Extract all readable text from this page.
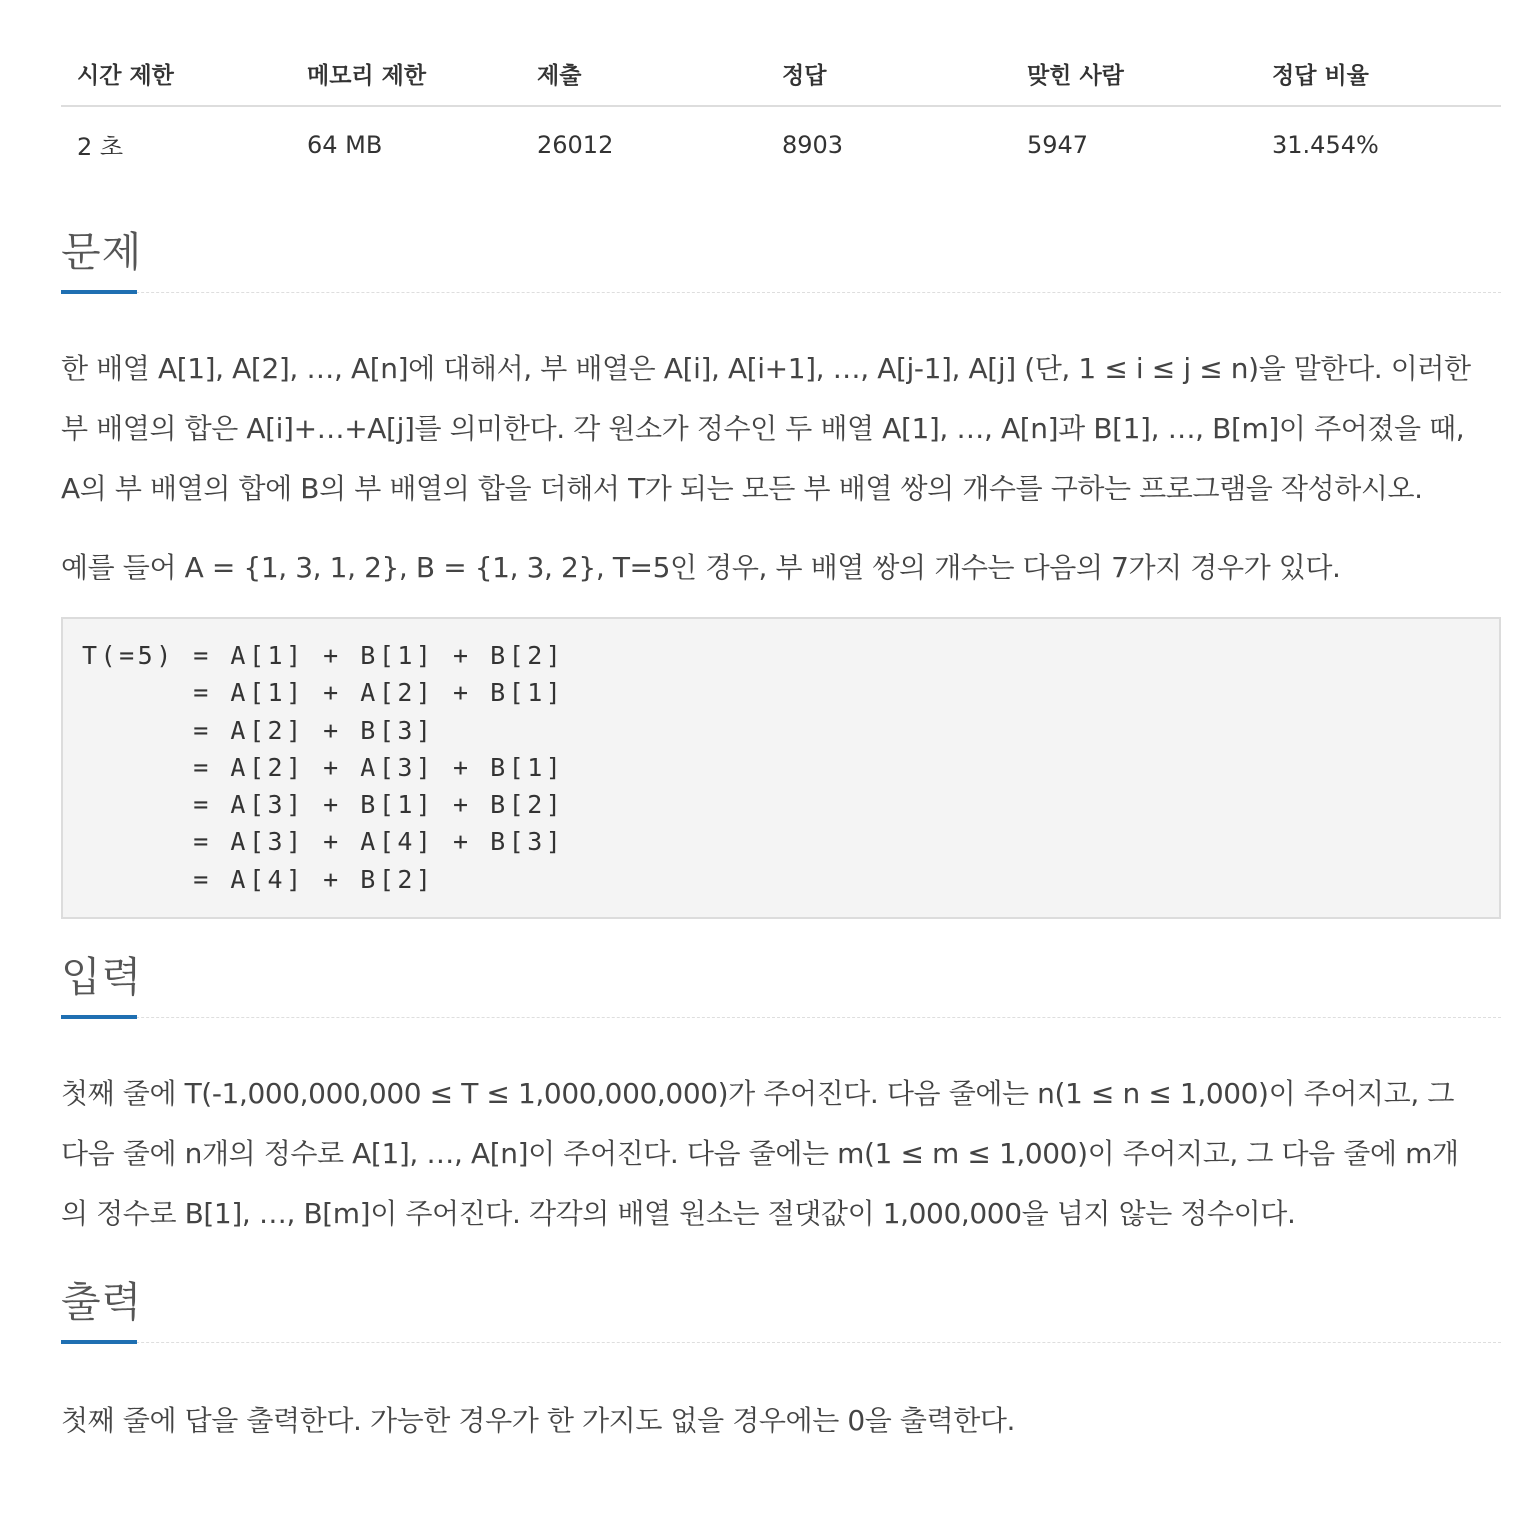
시간 제한	메모리 제한	제출	정답	맞힌 사람	정답 비율
2 초	64 MB	26012	8903	5947	31.454%
문제

한 배열 A[1], A[2], …, A[n]에 대해서, 부 배열은 A[i], A[i+1], …, A[j-1], A[j] (단, 1 ≤ i ≤ j ≤ n)을 말한다. 이러한
부 배열의 합은 A[i]+…+A[j]를 의미한다. 각 원소가 정수인 두 배열 A[1], …, A[n]과 B[1], …, B[m]이 주어졌을 때,
A의 부 배열의 합에 B의 부 배열의 합을 더해서 T가 되는 모든 부 배열 쌍의 개수를 구하는 프로그램을 작성하시오.

예를 들어 A = {1, 3, 1, 2}, B = {1, 3, 2}, T=5인 경우, 부 배열 쌍의 개수는 다음의 7가지 경우가 있다.

T(=5) = A[1] + B[1] + B[2]
= A[1] + A[2] + B[1]
= A[2] + B[3]
= A[2] + A[3] + B[1]
= A[3] + B[1] + B[2]
= A[3] + A[4] + B[3]
= A[4] + B[2]
입력

첫째 줄에 T(-1,000,000,000 ≤ T ≤ 1,000,000,000)가 주어진다. 다음 줄에는 n(1 ≤ n ≤ 1,000)이 주어지고, 그
다음 줄에 n개의 정수로 A[1], …, A[n]이 주어진다. 다음 줄에는 m(1 ≤ m ≤ 1,000)이 주어지고, 그 다음 줄에 m개
의 정수로 B[1], …, B[m]이 주어진다. 각각의 배열 원소는 절댓값이 1,000,000을 넘지 않는 정수이다.

출력

첫째 줄에 답을 출력한다. 가능한 경우가 한 가지도 없을 경우에는 0을 출력한다.
